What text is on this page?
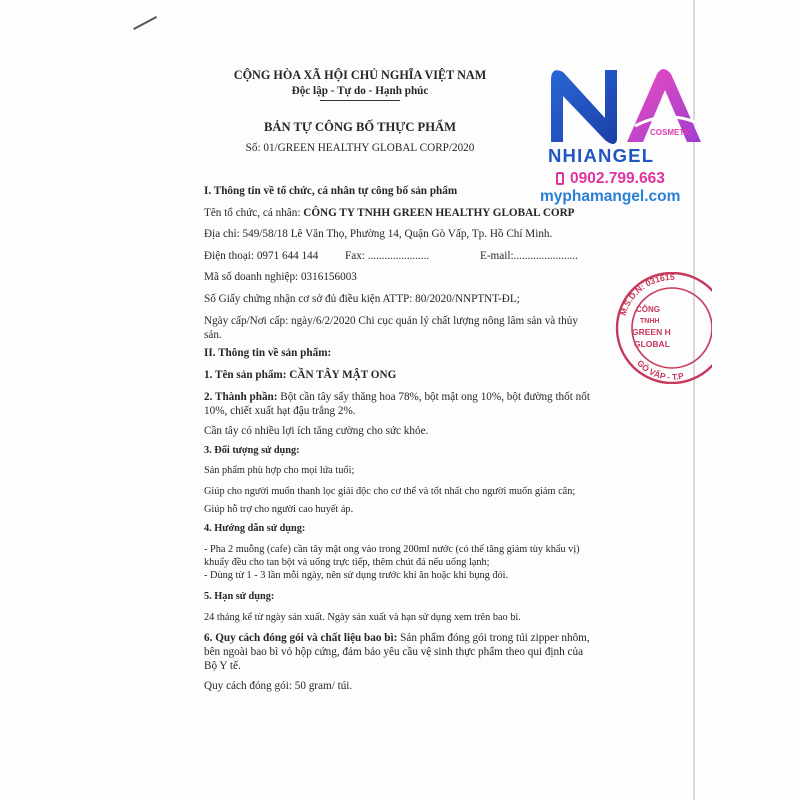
CỘNG HÒA XÃ HỘI CHỦ NGHĨA VIỆT NAM
Độc lập - Tự do - Hạnh phúc
BẢN TỰ CÔNG BỐ THỰC PHẨM
Số: 01/GREEN HEALTHY GLOBAL CORP/2020
I. Thông tin về tổ chức, cá nhân tự công bố sản phẩm
Tên tổ chức, cá nhân: CÔNG TY TNHH GREEN HEALTHY GLOBAL CORP
Địa chỉ: 549/58/18 Lê Văn Thọ, Phường 14, Quận Gò Vấp, Tp. Hồ Chí Minh.
Điện thoại: 0971 644 144 Fax: ......................	E-mail:.......................
Mã số doanh nghiệp: 0316156003
Số Giấy chứng nhận cơ sở đủ điều kiện ATTP: 80/2020/NNPTNT-ĐL;
Ngày cấp/Nơi cấp: ngày/6/2/2020 Chi cục quản lý chất lượng nông lâm sản và thủy
sản.
II. Thông tin về sản phẩm:
1. Tên sản phẩm: CẦN TÂY MẬT ONG
2. Thành phần: Bột cần tây sấy thăng hoa 78%, bột mật ong 10%, bột đường thốt nốt
10%, chiết xuất hạt đậu trắng 2%.
Cần tây có nhiều lợi ích tăng cường cho sức khỏe.
3. Đối tượng sử dụng:
Sản phẩm phù hợp cho mọi lứa tuổi;
Giúp cho người muốn thanh lọc giải độc cho cơ thể và tốt nhất cho người muốn giảm cân;
Giúp hỗ trợ cho người cao huyết áp.
4. Hướng dẫn sử dụng:
- Pha 2 muỗng (cafe) cần tây mật ong vào trong 200ml nước (có thể tăng giảm tùy khẩu vị)
khuấy đều cho tan bột và uống trực tiếp, thêm chút đá nếu uống lạnh;
- Dùng từ 1 - 3 lần mỗi ngày, nên sử dụng trước khi ăn hoặc khi bụng đói.
5. Hạn sử dụng:
24 tháng kể từ ngày sản xuất. Ngày sản xuất và hạn sử dụng xem trên bao bì.
6. Quy cách đóng gói và chất liệu bao bì: Sản phẩm đóng gói trong túi zipper nhôm,
bên ngoài bao bì vỏ hộp cứng, đảm bảo yêu cầu vệ sinh thực phẩm theo qui định của
Bộ Y tế.
Quy cách đóng gói: 50 gram/ túi.
COSMETIC
NHIANGEL
0902.799.663
myphamangel.com
M.S.D.N: 031615
GÒ VẤP - T.P
CÔNG
TNHH
GREEN H
GLOBAL
